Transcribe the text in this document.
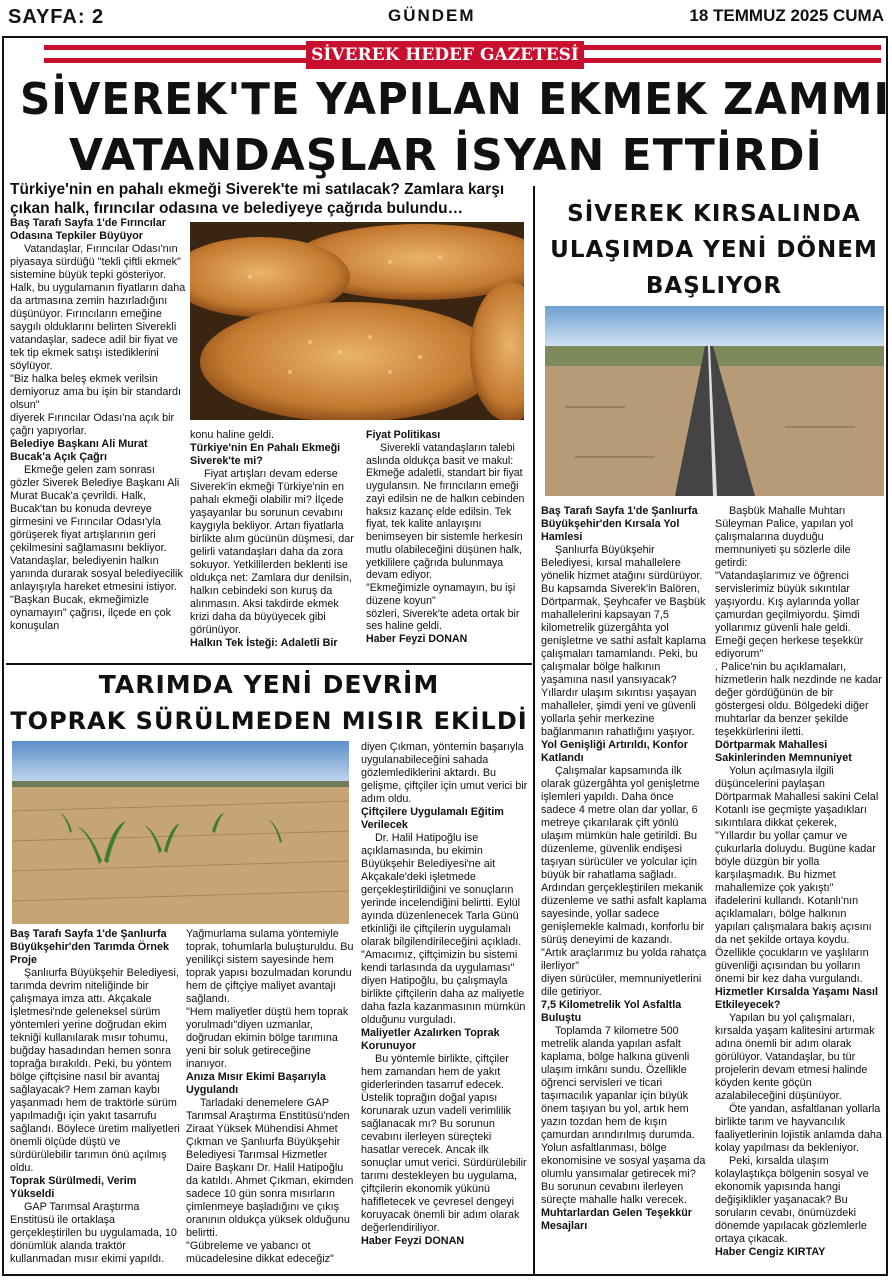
SAYFA: 2	GÜNDEM	18 TEMMUZ 2025 CUMA
SİVEREK HEDEF GAZETESİ
SİVEREK'TE YAPILAN EKMEK ZAMMI
VATANDAŞLAR İSYAN ETTİRDİ
Türkiye'nin en pahalı ekmeği Siverek'te mi satılacak? Zamlara karşı çıkan halk, fırıncılar odasına ve belediyeye çağrıda bulundu…

Baş Tarafı Sayfa 1'de Fırıncılar Odasına Tepkiler Büyüyor

Vatandaşlar, Fırıncılar Odası'nın piyasaya sürdüğü "tekli çiftli ekmek" sistemine büyük tepki gösteriyor. Halk, bu uygulamanın fiyatların daha da artmasına zemin hazırladığını düşünüyor. Fırıncıların emeğine saygılı olduklarını belirten Siverekli vatandaşlar, sadece adil bir fiyat ve tek tip ekmek satışı istediklerini söylüyor.

"Biz halka beleş ekmek verilsin demiyoruz ama bu işin bir standardı olsun"

diyerek Fırıncılar Odası'na açık bir çağrı yapıyorlar.

Belediye Başkanı Ali Murat Bucak'a Açık Çağrı

Ekmeğe gelen zam sonrası gözler Siverek Belediye Başkanı Ali Murat Bucak'a çevrildi. Halk, Bucak'tan bu konuda devreye girmesini ve Fırıncılar Odası'yla görüşerek fiyat artışlarının geri çekilmesini sağlamasını bekliyor. Vatandaşlar, belediyenin halkın yanında durarak sosyal belediyecilik anlayışıyla hareket etmesini istiyor. "Başkan Bucak, ekmeğimizle oynamayın" çağrısı, ilçede en çok konuşulan

konu haline geldi.

Türkiye'nin En Pahalı Ekmeği Siverek'te mi?

Fiyat artışları devam ederse Siverek'in ekmeği Türkiye'nin en pahalı ekmeği olabilir mi? İlçede yaşayanlar bu sorunun cevabını kaygıyla bekliyor. Artan fiyatlarla birlikte alım gücünün düşmesi, dar gelirli vatandaşları daha da zora sokuyor. Yetkililerden beklenti ise oldukça net: Zamlara dur denilsin, halkın cebindeki son kuruş da alınmasın. Aksi takdirde ekmek krizi daha da büyüyecek gibi görünüyor.

Halkın Tek İsteği: Adaletli Bir

Fiyat Politikası

Siverekli vatandaşların talebi aslında oldukça basit ve makul: Ekmeğe adaletli, standart bir fiyat uygulansın. Ne fırıncıların emeği zayi edilsin ne de halkın cebinden haksız kazanç elde edilsin. Tek fiyat, tek kalite anlayışını benimseyen bir sistemle herkesin mutlu olabileceğini düşünen halk, yetkililere çağrıda bulunmaya devam ediyor.

"Ekmeğimizle oynamayın, bu işi düzene koyun"

sözleri, Siverek'te adeta ortak bir ses haline geldi.

Haber Feyzi DONAN

SİVEREK KIRSALINDA
ULAŞIMDA YENİ DÖNEM
BAŞLIYOR

Baş Tarafı Sayfa 1'de Şanlıurfa Büyükşehir'den Kırsala Yol Hamlesi

Şanlıurfa Büyükşehir Belediyesi, kırsal mahallelere yönelik hizmet atağını sürdürüyor. Bu kapsamda Siverek'in Balören, Dörtparmak, Şeyhcafer ve Başbük mahallelerini kapsayan 7,5 kilometrelik güzergâhta yol genişletme ve sathi asfalt kaplama çalışmaları tamamlandı. Peki, bu çalışmalar bölge halkının yaşamına nasıl yansıyacak? Yıllardır ulaşım sıkıntısı yaşayan mahalleler, şimdi yeni ve güvenli yollarla şehir merkezine bağlanmanın rahatlığını yaşıyor.

Yol Genişliği Artırıldı, Konfor Katlandı

Çalışmalar kapsamında ilk olarak güzergâhta yol genişletme işlemleri yapıldı. Daha önce sadece 4 metre olan dar yollar, 6 metreye çıkarılarak çift yönlü ulaşım mümkün hale getirildi. Bu düzenleme, güvenlik endişesi taşıyan sürücüler ve yolcular için büyük bir rahatlama sağladı. Ardından gerçekleştirilen mekanik düzenleme ve sathi asfalt kaplama sayesinde, yollar sadece genişlemekle kalmadı, konforlu bir sürüş deneyimi de kazandı.

"Artık araçlarımız bu yolda rahatça ilerliyor"

diyen sürücüler, memnuniyetlerini dile getiriyor.

7,5 Kilometrelik Yol Asfaltla Buluştu

Toplamda 7 kilometre 500 metrelik alanda yapılan asfalt kaplama, bölge halkına güvenli ulaşım imkânı sundu. Özellikle öğrenci servisleri ve ticari taşımacılık yapanlar için büyük önem taşıyan bu yol, artık hem yazın tozdan hem de kışın çamurdan arındırılmış durumda. Yolun asfaltlanması, bölge ekonomisine ve sosyal yaşama da olumlu yansımalar getirecek mi? Bu sorunun cevabını ilerleyen süreçte mahalle halkı verecek.

Muhtarlardan Gelen Teşekkür Mesajları

Başbük Mahalle Muhtarı Süleyman Palice, yapılan yol çalışmalarına duyduğu memnuniyeti şu sözlerle dile getirdi:

"Vatandaşlarımız ve öğrenci servislerimiz büyük sıkıntılar yaşıyordu. Kış aylarında yollar çamurdan geçilmiyordu. Şimdi yollarımız güvenli hale geldi. Emeği geçen herkese teşekkür ediyorum"

. Palice'nin bu açıklamaları, hizmetlerin halk nezdinde ne kadar değer gördüğünün de bir göstergesi oldu. Bölgedeki diğer muhtarlar da benzer şekilde teşekkürlerini iletti.

Dörtparmak Mahallesi Sakinlerinden Memnuniyet

Yolun açılmasıyla ilgili düşüncelerini paylaşan Dörtparmak Mahallesi sakini Celal Kotanlı ise geçmişte yaşadıkları sıkıntılara dikkat çekerek,

"Yıllardır bu yollar çamur ve çukurlarla doluydu. Bugüne kadar böyle düzgün bir yolla karşılaşmadık. Bu hizmet mahallemize çok yakıştı"

ifadelerini kullandı. Kotanlı'nın açıklamaları, bölge halkının yapılan çalışmalara bakış açısını da net şekilde ortaya koydu. Özellikle çocukların ve yaşlıların güvenliği açısından bu yolların önemi bir kez daha vurgulandı.

Hizmetler Kırsalda Yaşamı Nasıl Etkileyecek?

Yapılan bu yol çalışmaları, kırsalda yaşam kalitesini artırmak adına önemli bir adım olarak görülüyor. Vatandaşlar, bu tür projelerin devam etmesi halinde köyden kente göçün azalabileceğini düşünüyor.

Öte yandan, asfaltlanan yollarla birlikte tarım ve hayvancılık faaliyetlerinin lojistik anlamda daha kolay yapılması da bekleniyor.

Peki, kırsalda ulaşım kolaylaştıkça bölgenin sosyal ve ekonomik yapısında hangi değişiklikler yaşanacak? Bu soruların cevabı, önümüzdeki dönemde yapılacak gözlemlerle ortaya çıkacak.

Haber Cengiz KIRTAY

TARIMDA YENİ DEVRİM
TOPRAK SÜRÜLMEDEN MISIR EKİLDİ

Baş Tarafı Sayfa 1'de Şanlıurfa Büyükşehir'den Tarımda Örnek Proje

Şanlıurfa Büyükşehir Belediyesi, tarımda devrim niteliğinde bir çalışmaya imza attı. Akçakale İşletmesi'nde geleneksel sürüm yöntemleri yerine doğrudan ekim tekniği kullanılarak mısır tohumu, buğday hasadından hemen sonra toprağa bırakıldı. Peki, bu yöntem bölge çiftçisine nasıl bir avantaj sağlayacak? Hem zaman kaybı yaşanmadı hem de traktörle sürüm yapılmadığı için yakıt tasarrufu sağlandı. Böylece üretim maliyetleri önemli ölçüde düştü ve sürdürülebilir tarımın önü açılmış oldu.

Toprak Sürülmedi, Verim Yükseldi

GAP Tarımsal Araştırma Enstitüsü ile ortaklaşa gerçekleştirilen bu uygulamada, 10 dönümlük alanda traktör kullanmadan mısır ekimi yapıldı.

Yağmurlama sulama yöntemiyle toprak, tohumlarla buluşturuldu. Bu yenilikçi sistem sayesinde hem toprak yapısı bozulmadan korundu hem de çiftçiye maliyet avantajı sağlandı.

"Hem maliyetler düştü hem toprak yorulmadı"diyen uzmanlar, doğrudan ekimin bölge tarımına yeni bir soluk getireceğine inanıyor.

Anıza Mısır Ekimi Başarıyla Uygulandı

Tarladaki denemelere GAP Tarımsal Araştırma Enstitüsü'nden Ziraat Yüksek Mühendisi Ahmet Çıkman ve Şanlıurfa Büyükşehir Belediyesi Tarımsal Hizmetler Daire Başkanı Dr. Halil Hatipoğlu da katıldı. Ahmet Çıkman, ekimden sadece 10 gün sonra mısırların çimlenmeye başladığını ve çıkış oranının oldukça yüksek olduğunu belirtti.

"Gübreleme ve yabancı ot mücadelesine dikkat edeceğiz"

diyen Çıkman, yöntemin başarıyla uygulanabileceğini sahada gözlemlediklerini aktardı. Bu gelişme, çiftçiler için umut verici bir adım oldu.

Çiftçilere Uygulamalı Eğitim Verilecek

Dr. Halil Hatipoğlu ise açıklamasında, bu ekimin Büyükşehir Belediyesi'ne ait Akçakale'deki işletmede gerçekleştirildiğini ve sonuçların yerinde incelendiğini belirtti. Eylül ayında düzenlenecek Tarla Günü etkinliği ile çiftçilerin uygulamalı olarak bilgilendirileceğini açıkladı.

"Amacımız, çiftçimizin bu sistemi kendi tarlasında da uygulaması" diyen Hatipoğlu, bu çalışmayla birlikte çiftçilerin daha az maliyetle daha fazla kazanmasının mümkün olduğunu vurguladı.

Maliyetler Azalırken Toprak Korunuyor

Bu yöntemle birlikte, çiftçiler hem zamandan hem de yakıt giderlerinden tasarruf edecek. Üstelik toprağın doğal yapısı korunarak uzun vadeli verimlilik sağlanacak mı? Bu sorunun cevabını ilerleyen süreçteki hasatlar verecek. Ancak ilk sonuçlar umut verici. Sürdürülebilir tarımı destekleyen bu uygulama, çiftçilerin ekonomik yükünü hafifletecek ve çevresel dengeyi koruyacak önemli bir adım olarak değerlendiriliyor.

Haber Feyzi DONAN
